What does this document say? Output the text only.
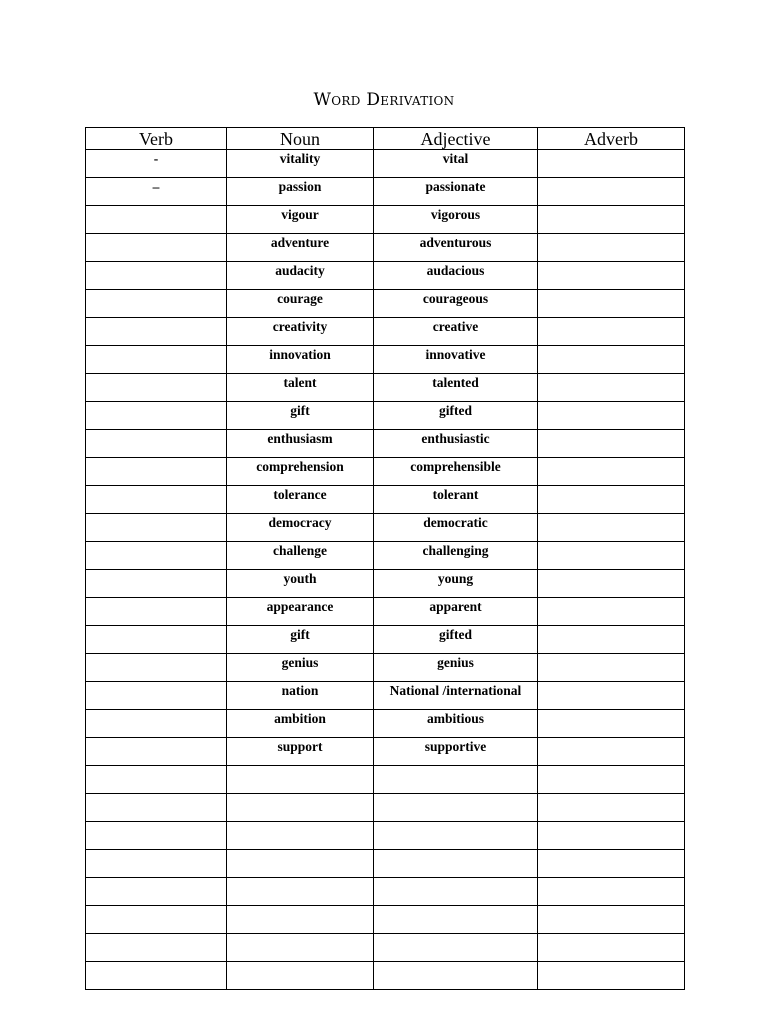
Word Derivation
Verb	Noun	Adjective	Adverb
-	vitality	vital	
–	passion	passionate	
	vigour	vigorous	
	adventure	adventurous	
	audacity	audacious	
	courage	courageous	
	creativity	creative	
	innovation	innovative	
	talent	talented	
	gift	gifted	
	enthusiasm	enthusiastic	
	comprehension	comprehensible	
	tolerance	tolerant	
	democracy	democratic	
	challenge	challenging	
	youth	young	
	appearance	apparent	
	gift	gifted	
	genius	genius	
	nation	National /international	
	ambition	ambitious	
	support	supportive	
